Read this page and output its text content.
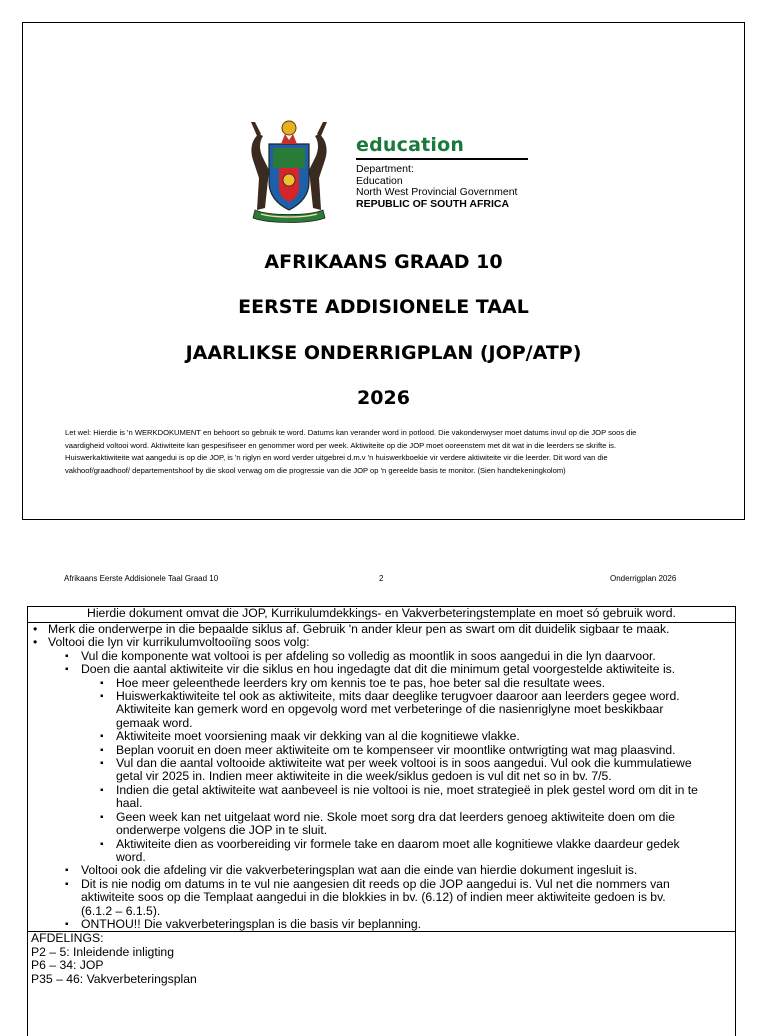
education
Department:
Education
North West Provincial Government
REPUBLIC OF SOUTH AFRICA
AFRIKAANS GRAAD 10
EERSTE ADDISIONELE TAAL
JAARLIKSE ONDERRIGPLAN (JOP/ATP)
2026
Let wel: Hierdie is 'n WERKDOKUMENT en behoort so gebruik te word. Datums kan verander word in potlood. Die vakonderwyser moet datums invul op die JOP soos die
vaardigheid voltooi word. Aktiwiteite kan gespesifiseer en genommer word per week. Aktiwiteite op die JOP moet ooreenstem met dit wat in die leerders se skrifte is.
Huiswerkaktiwiteite wat aangedui is op die JOP, is 'n riglyn en word verder uitgebrei d.m.v 'n huiswerkboekie vir verdere aktiwiteite vir die leerder. Dit word van die
vakhoof/graadhoof/ departementshoof by die skool verwag om die progressie van die JOP op 'n gereelde basis te monitor. (Sien handtekeningkolom)
Afrikaans Eerste Addisionele Taal Graad 10	2	Onderrigplan 2026
Hierdie dokument omvat die JOP, Kurrikulumdekkings- en Vakverbeteringstemplate en moet só gebruik word.
• Merk die onderwerpe in die bepaalde siklus af. Gebruik 'n ander kleur pen as swart om dit duidelik sigbaar te maak.
• Voltooi die lyn vir kurrikulumvoltooiïng soos volg:
▪ Vul die komponente wat voltooi is per afdeling so volledig as moontlik in soos aangedui in die lyn daarvoor.
▪ Doen die aantal aktiwiteite vir die siklus en hou ingedagte dat dit die minimum getal voorgestelde aktiwiteite is.
▪ Hoe meer geleenthede leerders kry om kennis toe te pas, hoe beter sal die resultate wees.
▪ Huiswerkaktiwiteite tel ook as aktiwiteite, mits daar deeglike terugvoer daaroor aan leerders gegee word.
Aktiwiteite kan gemerk word en opgevolg word met verbeteringe of die nasienriglyne moet beskikbaar
gemaak word.
▪ Aktiwiteite moet voorsiening maak vir dekking van al die kognitiewe vlakke.
▪ Beplan vooruit en doen meer aktiwiteite om te kompenseer vir moontlike ontwrigting wat mag plaasvind.
▪ Vul dan die aantal voltooide aktiwiteite wat per week voltooi is in soos aangedui. Vul ook die kummulatiewe
getal vir 2025 in. Indien meer aktiwiteite in die week/siklus gedoen is vul dit net so in bv. 7/5.
▪ Indien die getal aktiwiteite wat aanbeveel is nie voltooi is nie, moet strategieë in plek gestel word om dit in te
haal.
▪ Geen week kan net uitgelaat word nie. Skole moet sorg dra dat leerders genoeg aktiwiteite doen om die
onderwerpe volgens die JOP in te sluit.
▪ Aktiwiteite dien as voorbereiding vir formele take en daarom moet alle kognitiewe vlakke daardeur gedek
word.
▪ Voltooi ook die afdeling vir die vakverbeteringsplan wat aan die einde van hierdie dokument ingesluit is.
▪ Dit is nie nodig om datums in te vul nie aangesien dit reeds op die JOP aangedui is. Vul net die nommers van
aktiwiteite soos op die Templaat aangedui in die blokkies in bv. (6.12) of indien meer aktiwiteite gedoen is bv.
(6.1.2 – 6.1.5).
▪ ONTHOU!! Die vakverbeteringsplan is die basis vir beplanning.
AFDELINGS:
P2 – 5: Inleidende inligting
P6 – 34: JOP
P35 – 46: Vakverbeteringsplan
